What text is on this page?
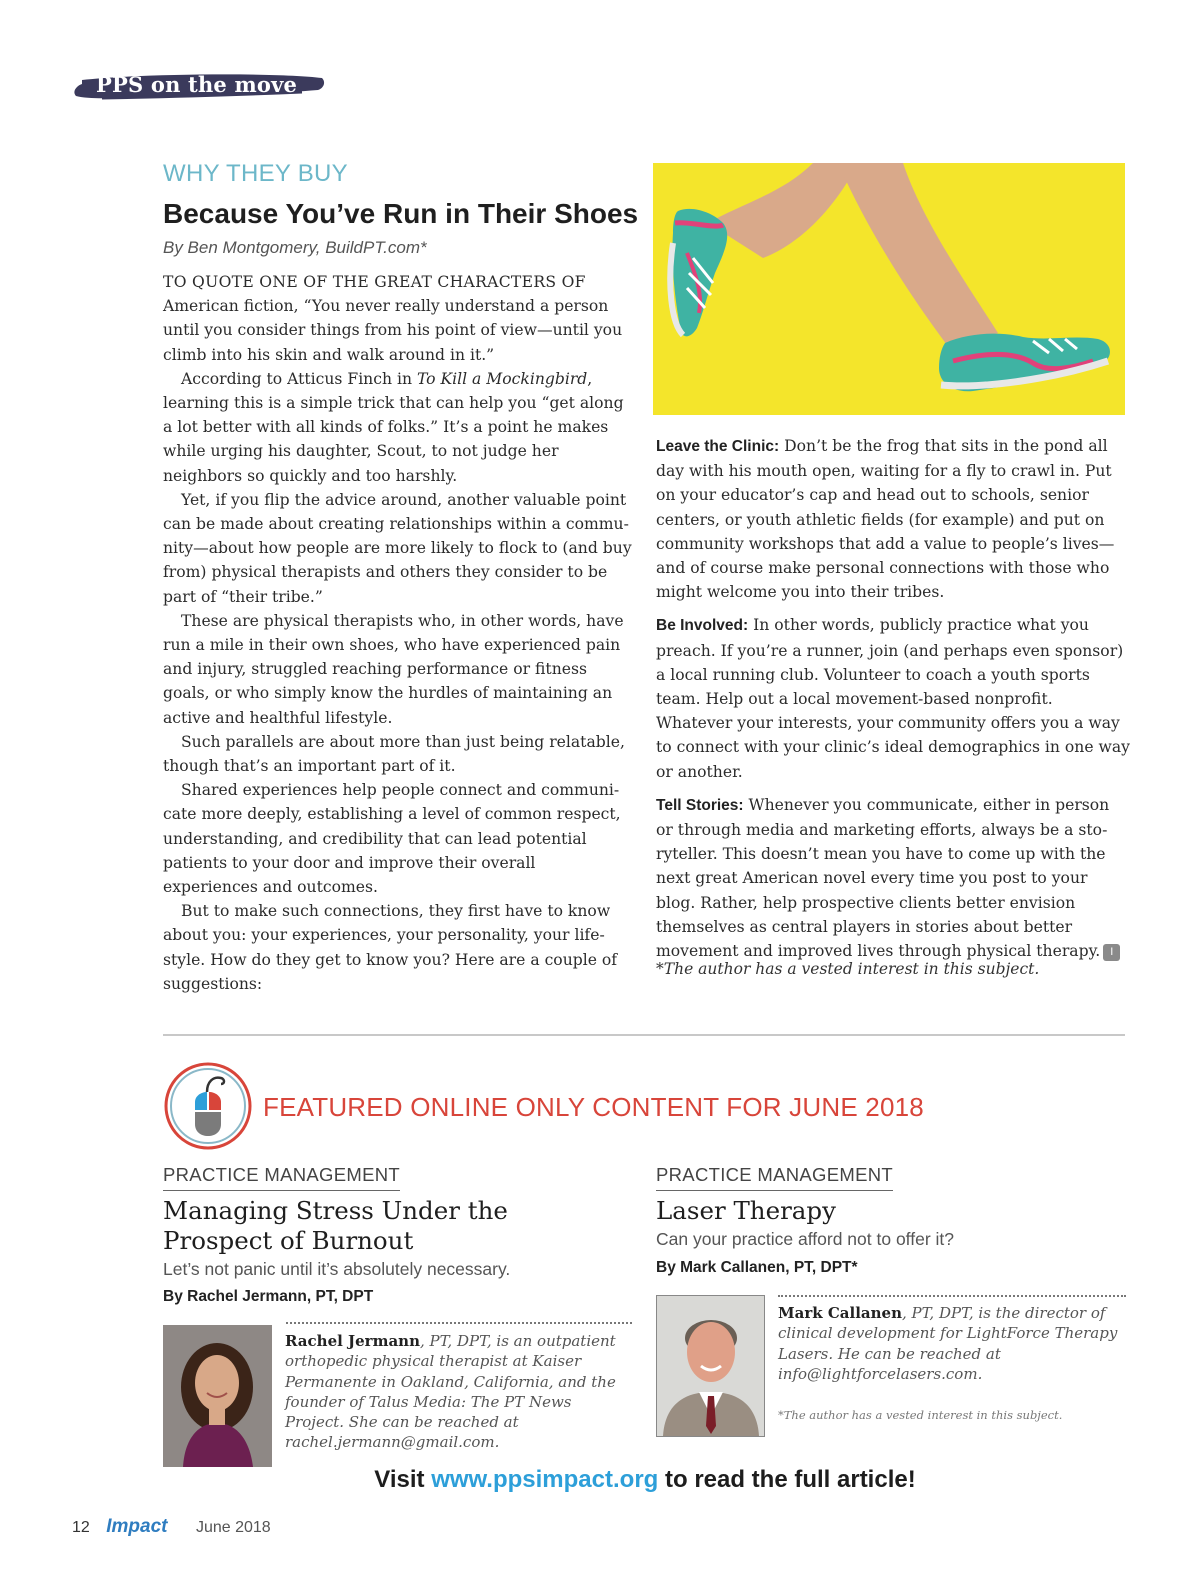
PPS on the move
WHY THEY BUY
Because You’ve Run in Their Shoes
By Ben Montgomery, BuildPT.com*

TO QUOTE ONE OF THE GREAT CHARACTERS OF American fiction, “You never really understand a person until you consider things from his point of view—until you climb into his skin and walk around in it.”

According to Atticus Finch in To Kill a Mockingbird, learning this is a simple trick that can help you “get along a lot better with all kinds of folks.” It’s a point he makes while urging his daughter, Scout, to not judge her neighbors so quickly and too harshly.

Yet, if you flip the advice around, another valuable point can be made about creating relationships within a community—about how people are more likely to flock to (and buy from) physical therapists and others they consider to be part of “their tribe.”

These are physical therapists who, in other words, have run a mile in their own shoes, who have experienced pain and injury, struggled reaching performance or fitness goals, or who simply know the hurdles of maintaining an active and healthful lifestyle.

Such parallels are about more than just being relatable, though that’s an important part of it.

Shared experiences help people connect and communicate more deeply, establishing a level of common respect, understanding, and credibility that can lead potential patients to your door and improve their overall experiences and outcomes.

But to make such connections, they first have to know about you: your experiences, your personality, your lifestyle. How do they get to know you? Here are a couple of suggestions:

Leave the Clinic: Don’t be the frog that sits in the pond all day with his mouth open, waiting for a fly to crawl in. Put on your educator’s cap and head out to schools, senior centers, or youth athletic fields (for example) and put on community workshops that add a value to people’s lives—and of course make personal connections with those who might welcome you into their tribes.

Be Involved: In other words, publicly practice what you preach. If you’re a runner, join (and perhaps even sponsor) a local running club. Volunteer to coach a youth sports team. Help out a local movement-based nonprofit. Whatever your interests, your community offers you a way to connect with your clinic’s ideal demographics in one way or another.

Tell Stories: Whenever you communicate, either in person or through media and marketing efforts, always be a storyteller. This doesn’t mean you have to come up with the next great American novel every time you post to your blog. Rather, help prospective clients better envision themselves as central players in stories about better movement and improved lives through physical therapy. I

*The author has a vested interest in this subject.
FEATURED ONLINE ONLY CONTENT FOR JUNE 2018
PRACTICE MANAGEMENT
Managing Stress Under the Prospect of Burnout
Let’s not panic until it’s absolutely necessary.
By Rachel Jermann, PT, DPT
Rachel Jermann, PT, DPT, is an outpatient orthopedic physical therapist at Kaiser Permanente in Oakland, California, and the founder of Talus Media: The PT News Project. She can be reached at rachel.jermann@gmail.com.
PRACTICE MANAGEMENT
Laser Therapy
Can your practice afford not to offer it?
By Mark Callanen, PT, DPT*
Mark Callanen, PT, DPT, is the director of clinical development for LightForce Therapy Lasers. He can be reached at info@lightforcelasers.com.
*The author has a vested interest in this subject.
Visit www.ppsimpact.org to read the full article!
12 Impact June 2018
